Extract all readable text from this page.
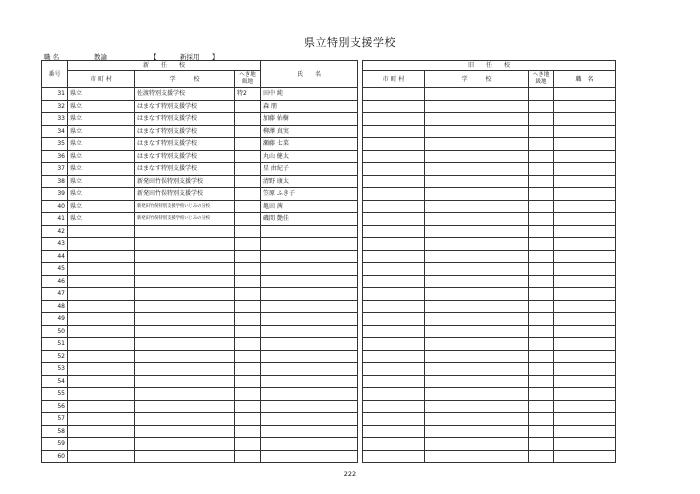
県立特別支援学校
職 名	教諭	【	新採用 】
番号	新　　任　　校			氏　　名		旧　　任　　校			
	市 町 村	学　　　校	へき地級地			市 町 村	学　　　校	へき地級地	職　名
31	県立	佐渡特別支援学校	特2	田中 純					
32	県立	はまなす特別支援学校		森 朋					
33	県立	はまなす特別支援学校		加藤 佑樹					
34	県立	はまなす特別支援学校		柳澤 真実					
35	県立	はまなす特別支援学校		瀬藤 七菜					
36	県立	はまなす特別支援学校		丸山 健太					
37	県立	はまなす特別支援学校		星 由紀子					
38	県立	新発田竹俣特別支援学校		清野 康太					
39	県立	新発田竹俣特別支援学校		笠原 ふき子					
40	県立	新発田竹俣特別支援学校いじみの分校		亀田 茜					
41	県立	新発田竹俣特別支援学校いじみの分校		磯間 艶佳					
42									
43									
44									
45									
46									
47									
48									
49									
50									
51									
52									
53									
54									
55									
56									
57									
58									
59									
60									
222
